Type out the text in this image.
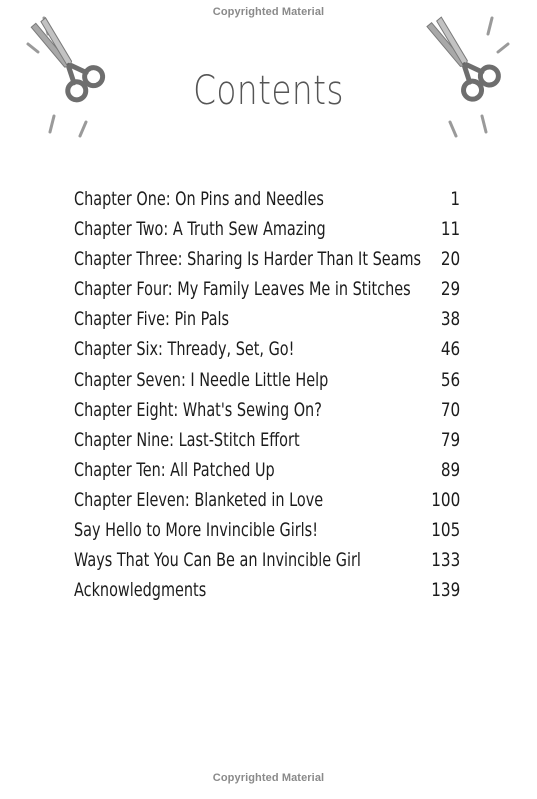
Copyrighted Material
Contents
Chapter One: On Pins and Needles	1
Chapter Two: A Truth Sew Amazing	11
Chapter Three: Sharing Is Harder Than It Seams 20
Chapter Four: My Family Leaves Me in Stitches 29
Chapter Five: Pin Pals	38
Chapter Six: Thready, Set, Go!	46
Chapter Seven: I Needle Little Help	56
Chapter Eight: What's Sewing On?	70
Chapter Nine: Last-Stitch Effort	79
Chapter Ten: All Patched Up	89
Chapter Eleven: Blanketed in Love	100
Say Hello to More Invincible Girls!	105
Ways That You Can Be an Invincible Girl	133
Acknowledgments	139
Copyrighted Material
